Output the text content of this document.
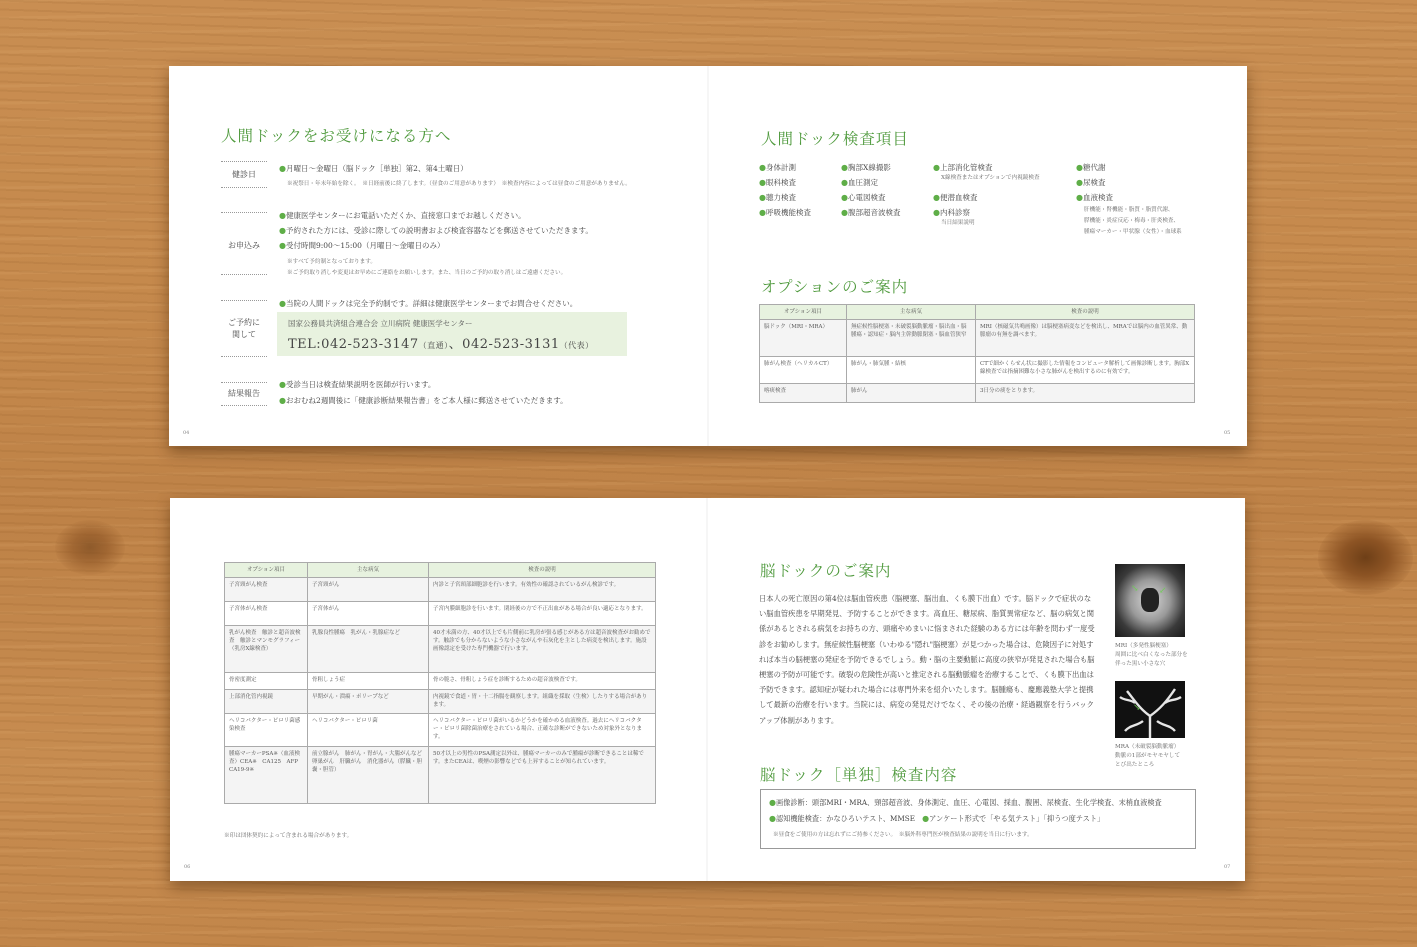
人間ドックをお受けになる方へ
健診日
●月曜日～金曜日（脳ドック［単独］第2、第4土曜日）
※祝祭日・年末年始を除く。　※日経前後に終了します。（昼食のご用意があります）　※検査内容によっては昼食のご用意がありません。
お申込み
●健康医学センターにお電話いただくか、直接窓口までお越しください。
●予約された方には、受診に際しての説明書および検査容器などを郵送させていただきます。
●受付時間9:00～15:00（月曜日～金曜日のみ）
※すべて予約制となっております。
※ご予約取り消しや変更はお早めにご連絡をお願いします。また、当日のご予約の取り消しはご遠慮ください。
ご予約に
関して
●当院の人間ドックは完全予約制です。詳細は健康医学センターまでお問合せください。
国家公務員共済組合連合会 立川病院 健康医学センター
TEL:042-523-3147（直通）、042-523-3131（代表）
結果報告
●受診当日は検査結果説明を医師が行います。
●おおむね2週間後に「健康診断結果報告書」をご本人様に郵送させていただきます。
04	05
人間ドック検査項目
●身体計測
●眼科検査
●聴力検査
●呼吸機能検査
●胸部X線撮影
●血圧測定
●心電図検査
●腹部超音波検査
●上部消化管検査
X線検査またはオプションで内視鏡検査
●便潜血検査
●内科診察
当日結果説明
●糖代謝
●尿検査
●血液検査
肝機能・腎機能・脂質・脂質代謝、
膵機能・炎症反応・梅毒・肝炎検査、
腫瘍マーカー・甲状腺（女性）・血球系
オプションのご案内
オプション項目	主な病気	検査の説明
脳ドック（MRI・MRA）	無症候性脳梗塞・未破裂脳動脈瘤・脳出血・脳腫瘍・認知症・脳内主幹動脈閉塞・脳血管狭窄	MRI（核磁気共鳴画像）は脳梗塞病変などを検出し、MRAでは脳内の血管異常、動脈瘤の有無を調べます。
肺がん検査（ヘリカルCT）	肺がん・肺気腫・結核	CTで細かくらせん状に撮影した情報をコンピュータ解析して画像診断します。胸部X線検査では指摘困難な小さな肺がんを検出するのに有効です。
喀痰検査	肺がん	3日分の痰をとります。
オプション項目	主な病気	検査の説明
子宮頸がん検査	子宮頸がん	内診と子宮頸部細胞診を行います。有効性の確認されているがん検診です。
子宮体がん検査	子宮体がん	子宮内膜細胞診を行います。閉経後の方で不正出血がある場合が良い適応となります。
乳がん検査　触診と超音波検査　触診とマンモグラフィー（乳房X線検査）	乳腺良性腫瘍　乳がん・乳腺症など	40才未満の方、40才以上でも片側前に乳房が張る感じがある方は超音波検査がお勧めです。触診でも分からないような小さながんや石灰化を主とした病変を検出します。施設画像認定を受けた専門機器で行います。
骨密度測定	骨粗しょう症	骨の脆さ、骨粗しょう症を診断するための超音波検査です。
上部消化管内視鏡	早期がん・潰瘍・ポリープなど	内視鏡で食道・胃・十二指腸を観察します。組織を採取（生検）したりする場合があります。
ヘリコバクター・ピロリ菌感染検査	ヘリコバクター・ピロリ菌	ヘリコバクター・ピロリ菌がいるかどうかを確かめる血液検査。過去にヘリコバクター・ピロリ菌除菌治療をされている場合、正確な診断ができないため対象外となります。
腫瘍マーカーPSA※（血液検査）CEA※　CA125　AFP　CA19-9※	前立腺がん　肺がん・胃がん・大腸がんなど　卵巣がん　肝臓がん　消化器がん（膵臓・胆嚢・胆管）	50才以上の男性のPSA測定以外は、腫瘍マーカーのみで腫瘍が診断できることは稀です。またCEAは、喫煙の影響などでも上昇することが知られています。
※印は団体契約によって含まれる場合があります。
06	07
脳ドックのご案内
日本人の死亡原因の第4位は脳血管疾患（脳梗塞、脳出血、くも膜下出血）です。脳ドックで症状のない脳血管疾患を早期発見、予防することができます。高血圧、糖尿病、脂質異常症など、脳の病気と関係があるとされる病気をお持ちの方、頭痛やめまいに悩まされた経験のある方には年齢を問わず一度受診をお勧めします。無症候性脳梗塞（いわゆる"隠れ"脳梗塞）が見つかった場合は、危険因子に対処すれば本当の脳梗塞の発症を予防できるでしょう。動・脳の主要動脈に高度の狭窄が発見された場合も脳梗塞の予防が可能です。破裂の危険性が高いと推定される脳動脈瘤を治療することで、くも膜下出血は予防できます。認知症が疑われた場合には専門外来を紹介いたします。脳腫瘍も、慶應義塾大学と提携して最新の治療を行います。当院には、病変の発見だけでなく、その後の治療・経過観察を行うバックアップ体制があります。
↘ ↙
MRI（多発性脳梗塞）
周囲に比べ白くなった部分を
伴った黒い小さな穴
↘
MRA（未破裂脳動脈瘤）
動脈の1部がモヤモヤして
とび出たところ
脳ドック［単独］検査内容
●画像診断：頭部MRI・MRA、頸部超音波、身体測定、血圧、心電図、採血、腹囲、尿検査、生化学検査、末梢血液検査
●認知機能検査：かなひろいテスト、MMSE　 ●アンケート形式で「やる気テスト」「抑うつ度テスト」
※昼食をご使用の方は忘れずにご持参ください。　※脳外科専門医が検査結果の説明を当日に行います。
